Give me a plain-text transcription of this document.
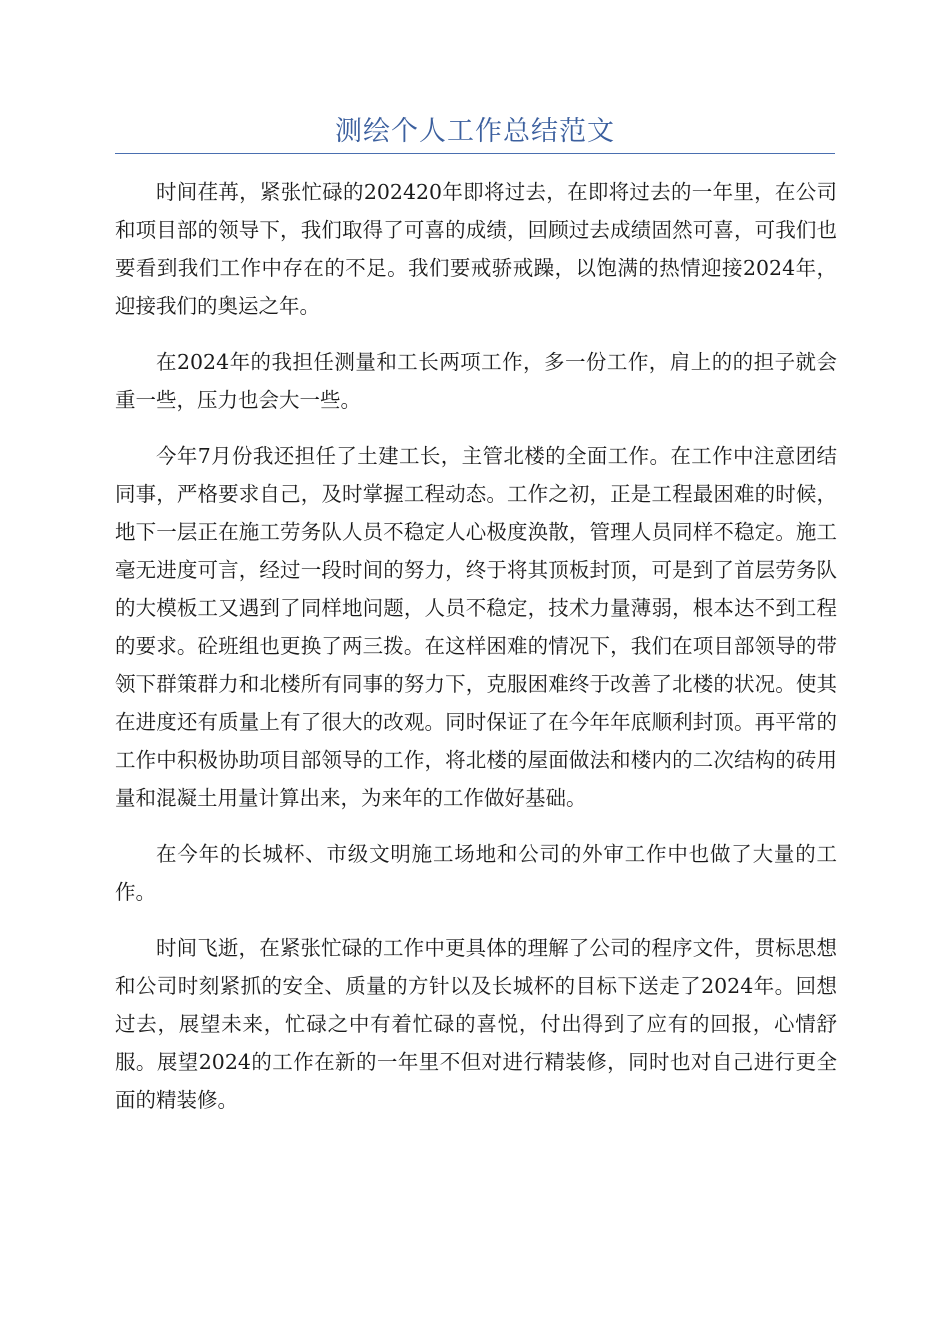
测绘个人工作总结范文

时间荏苒，紧张忙碌的202420年即将过去，在即将过去的一年里，在公司和项目部的领导下，我们取得了可喜的成绩，回顾过去成绩固然可喜，可我们也要看到我们工作中存在的不足。我们要戒骄戒躁，以饱满的热情迎接2024年，迎接我们的奥运之年。

在2024年的我担任测量和工长两项工作，多一份工作，肩上的的担子就会重一些，压力也会大一些。

今年7月份我还担任了土建工长，主管北楼的全面工作。在工作中注意团结同事，严格要求自己，及时掌握工程动态。工作之初，正是工程最困难的时候，地下一层正在施工劳务队人员不稳定人心极度涣散，管理人员同样不稳定。施工毫无进度可言，经过一段时间的努力，终于将其顶板封顶，可是到了首层劳务队的大模板工又遇到了同样地问题，人员不稳定，技术力量薄弱，根本达不到工程的要求。砼班组也更换了两三拨。在这样困难的情况下，我们在项目部领导的带领下群策群力和北楼所有同事的努力下，克服困难终于改善了北楼的状况。使其在进度还有质量上有了很大的改观。同时保证了在今年年底顺利封顶。再平常的工作中积极协助项目部领导的工作，将北楼的屋面做法和楼内的二次结构的砖用量和混凝土用量计算出来，为来年的工作做好基础。

在今年的长城杯、市级文明施工场地和公司的外审工作中也做了大量的工作。

时间飞逝，在紧张忙碌的工作中更具体的理解了公司的程序文件，贯标思想和公司时刻紧抓的安全、质量的方针以及长城杯的目标下送走了2024年。回想过去，展望未来，忙碌之中有着忙碌的喜悦，付出得到了应有的回报，心情舒服。展望2024的工作在新的一年里不但对进行精装修，同时也对自己进行更全面的精装修。
